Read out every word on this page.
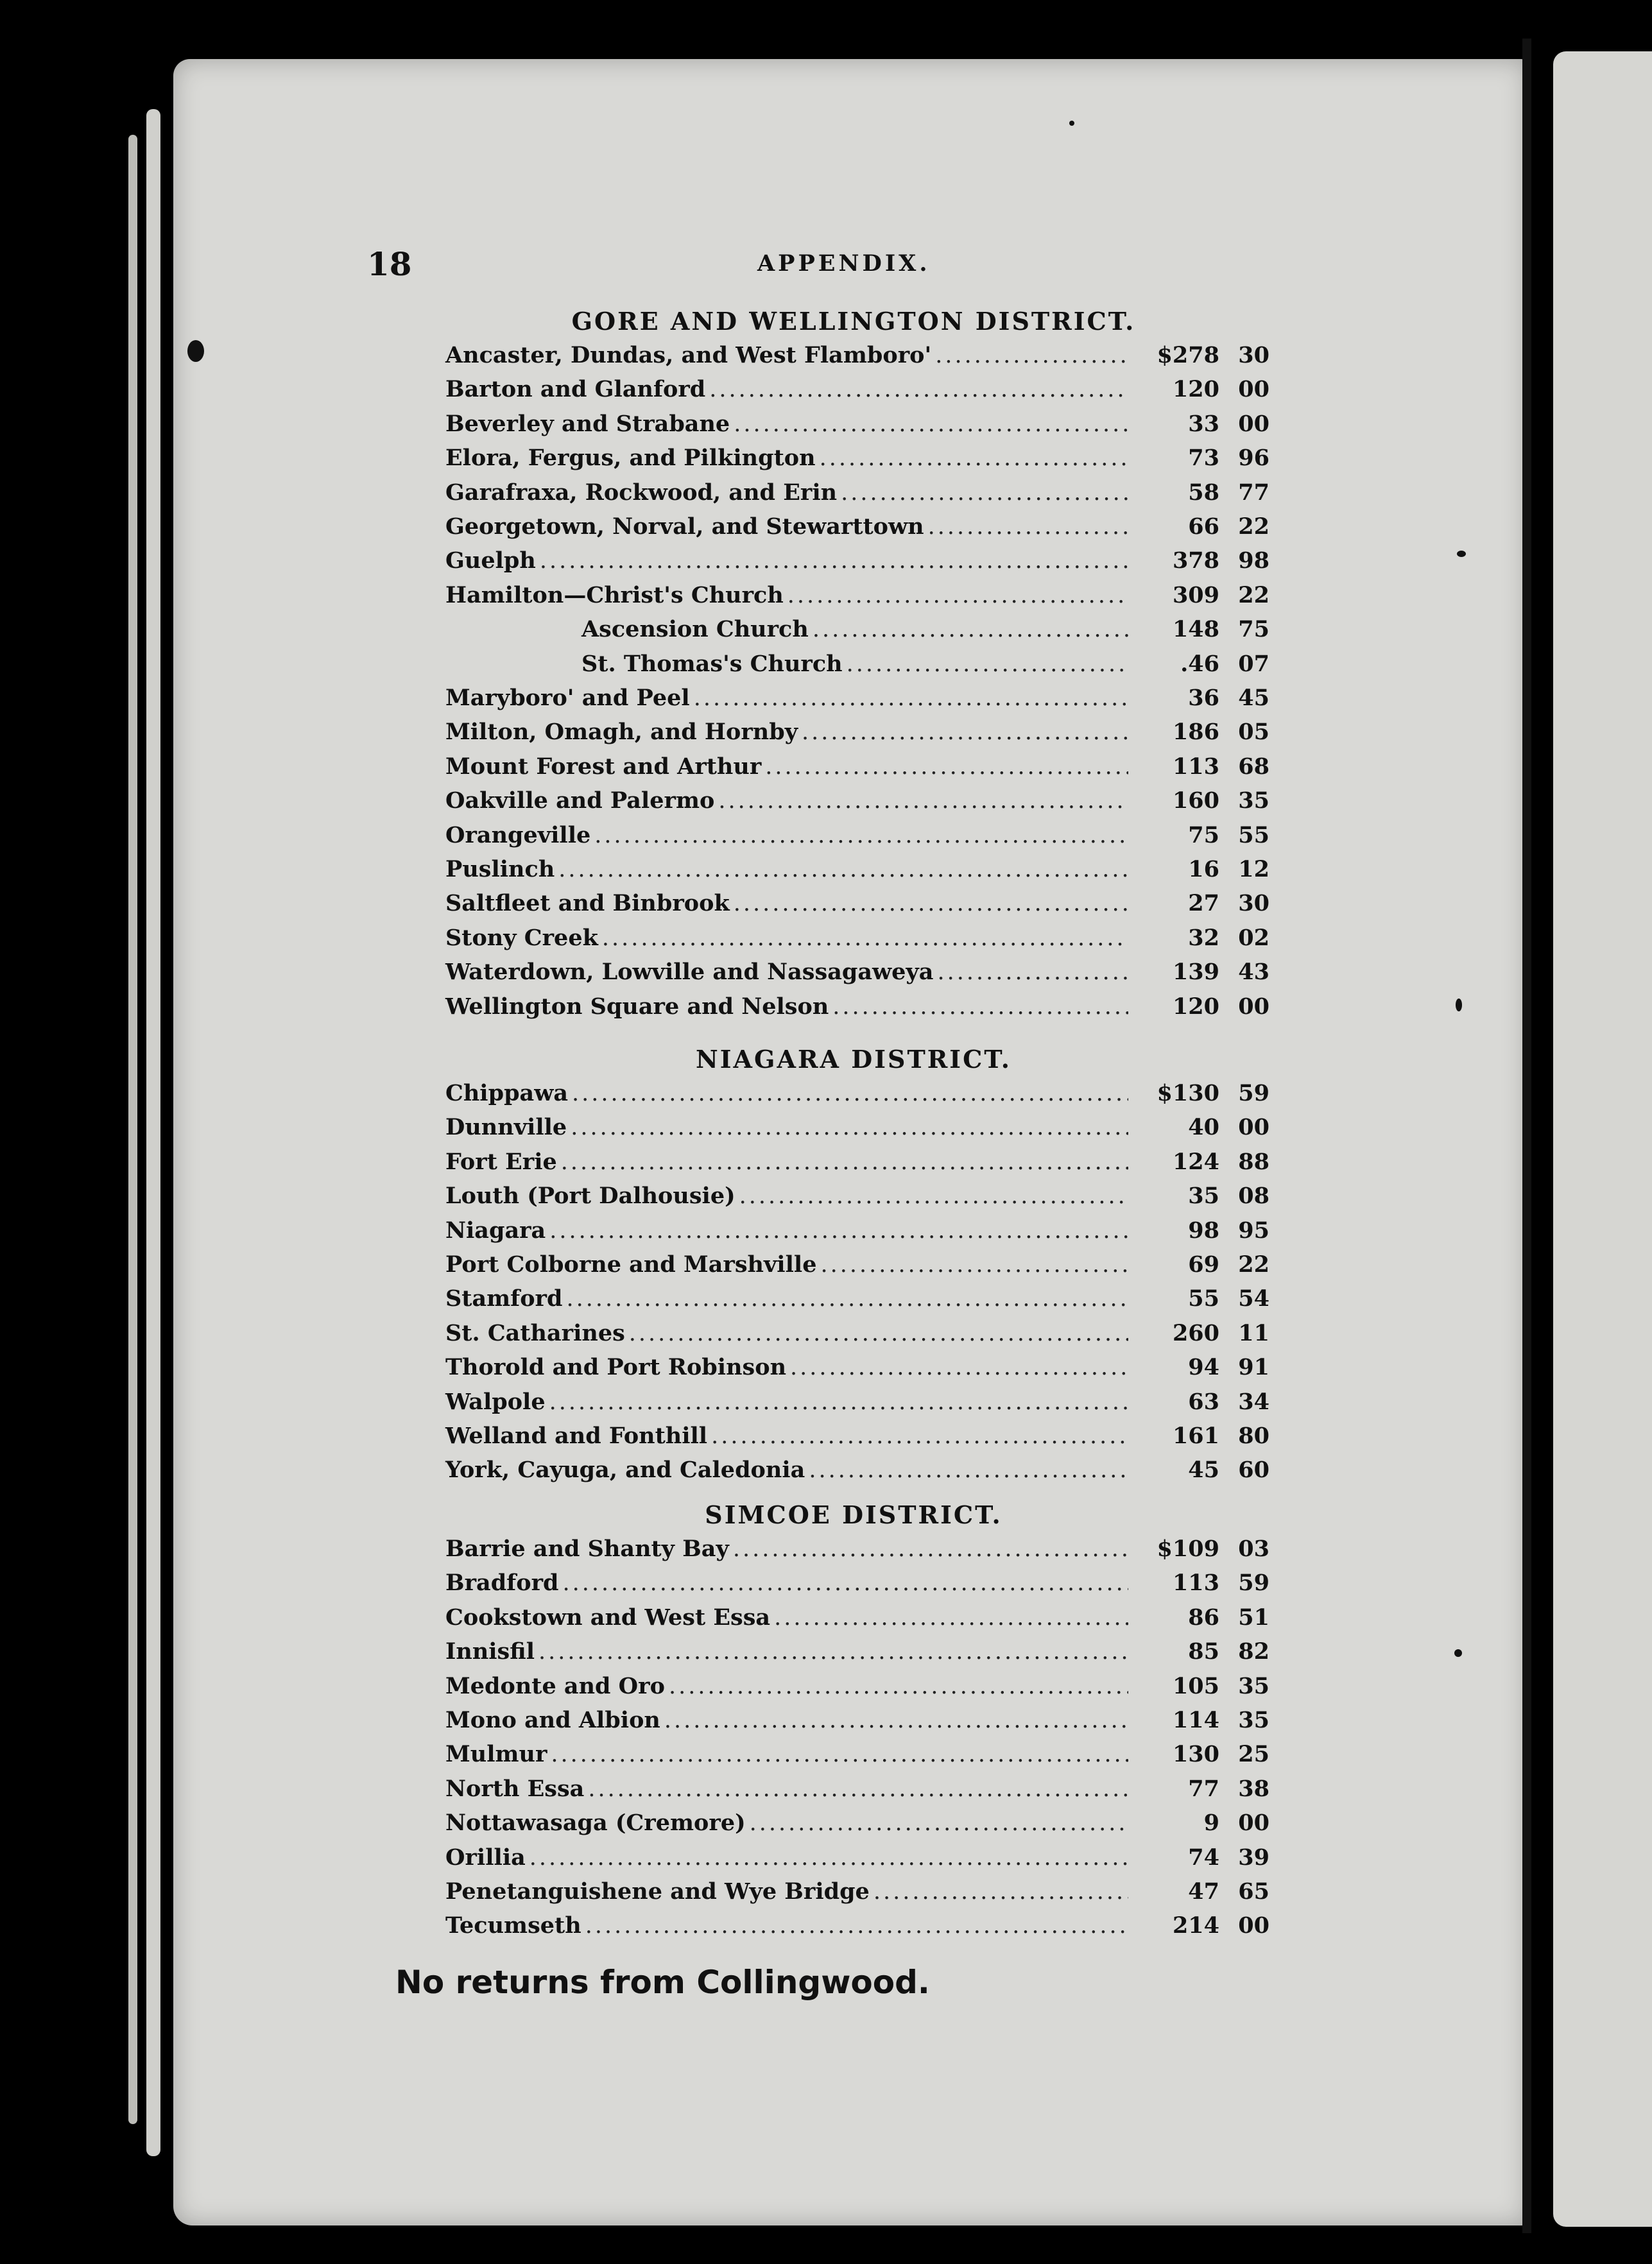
18	APPENDIX.
GORE AND WELLINGTON DISTRICT.
Ancaster, Dundas, and West Flamboro' .....	$278 30
Barton and Glanford .....	120 00
Beverley and Strabane .....	33 00
Elora, Fergus, and Pilkington .....	73 96
Garafraxa, Rockwood, and Erin .....	58 77
Georgetown, Norval, and Stewarttown .....	66 22
Guelph .....	378 98
Hamilton—Christ's Church .....	309 22
Ascension Church .....	148 75
St. Thomas's Church .....	.46 07
Maryboro' and Peel .....	36 45
Milton, Omagh, and Hornby .....	186 05
Mount Forest and Arthur .....	113 68
Oakville and Palermo .....	160 35
Orangeville .....	75 55
Puslinch .....	16 12
Saltfleet and Binbrook .....	27 30
Stony Creek .....	32 02
Waterdown, Lowville and Nassagaweya .....	139 43
Wellington Square and Nelson .....	120 00
NIAGARA DISTRICT.
Chippawa .....	$130 59
Dunnville .....	40 00
Fort Erie .....	124 88
Louth (Port Dalhousie) .....	35 08
Niagara .....	98 95
Port Colborne and Marshville .....	69 22
Stamford .....	55 54
St. Catharines .....	260 11
Thorold and Port Robinson .....	94 91
Walpole .....	63 34
Welland and Fonthill .....	161 80
York, Cayuga, and Caledonia .....	45 60
SIMCOE DISTRICT.
Barrie and Shanty Bay .....	$109 03
Bradford .....	113 59
Cookstown and West Essa .....	86 51
Innisfil .....	85 82
Medonte and Oro .....	105 35
Mono and Albion .....	114 35
Mulmur .....	130 25
North Essa .....	77 38
Nottawasaga (Cremore) .....	9 00
Orillia .....	74 39
Penetanguishene and Wye Bridge .....	47 65
Tecumseth .....	214 00
No returns from Collingwood.
